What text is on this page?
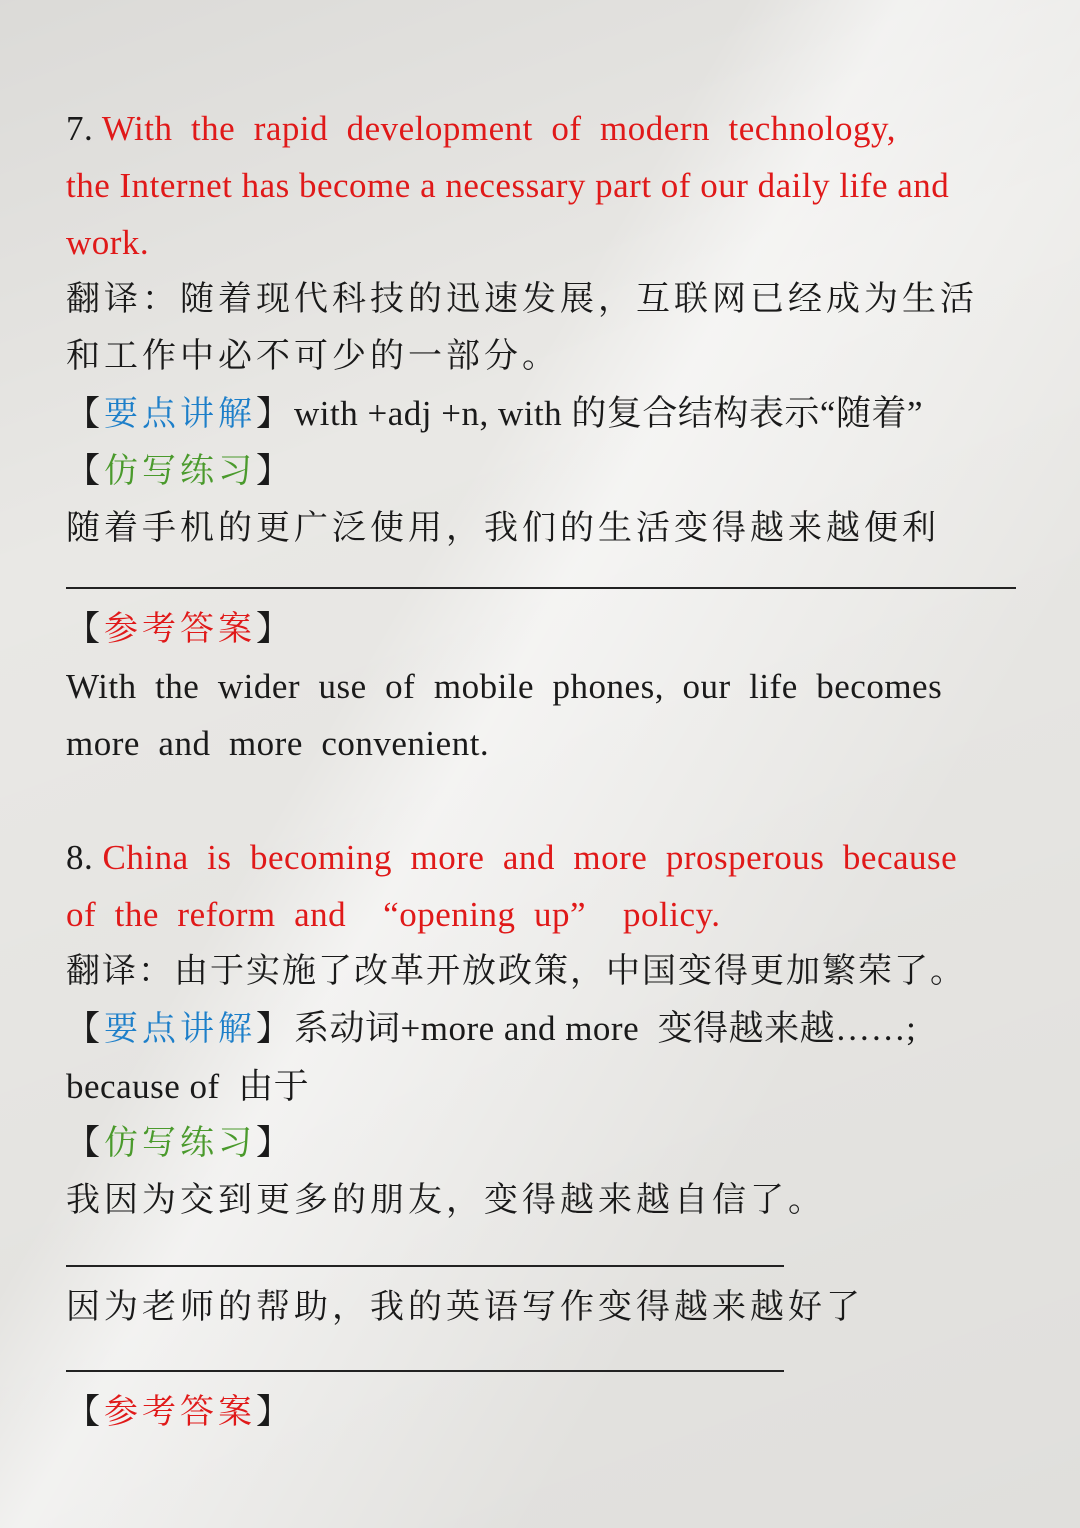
7. With  the  rapid  development  of  modern  technology,
the Internet has become a necessary part of our daily life and
work.
翻译：随着现代科技的迅速发展，互联网已经成为生活
和工作中必不可少的一部分。
【要点讲解】with +adj +n, with 的复合结构表示“随着”
【仿写练习】
随着手机的更广泛使用，我们的生活变得越来越便利
【参考答案】
With  the  wider  use  of  mobile  phones,  our  life  becomes
more  and  more  convenient.
8. China  is  becoming  more  and  more  prosperous  because
of  the  reform  and    “opening  up”    policy.
翻译：由于实施了改革开放政策，中国变得更加繁荣了。
【要点讲解】系动词+more and more  变得越来越……;
because of  由于
【仿写练习】
我因为交到更多的朋友，变得越来越自信了。
因为老师的帮助，我的英语写作变得越来越好了
【参考答案】
